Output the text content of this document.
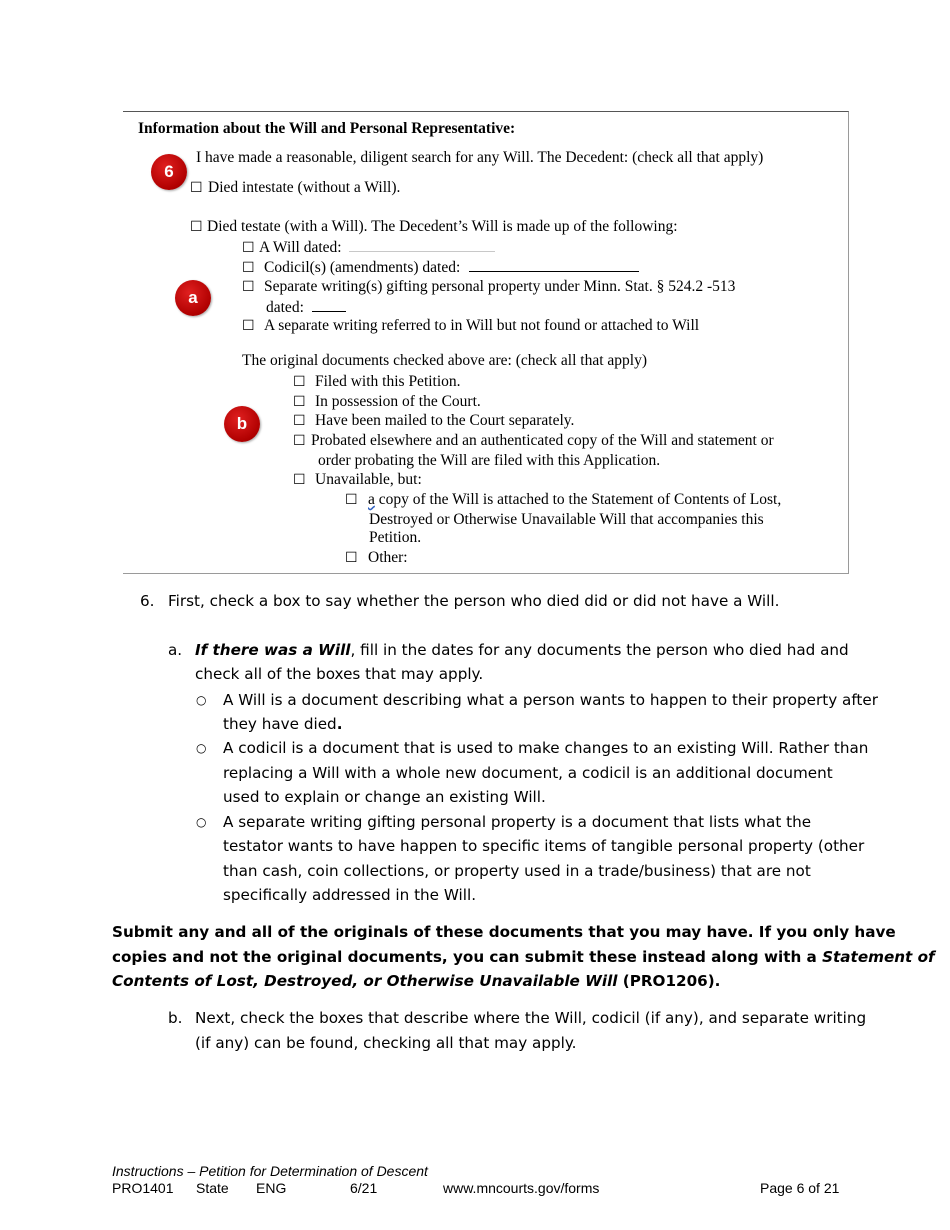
Information about the Will and Personal Representative:
6
I have made a reasonable, diligent search for any Will. The Decedent: (check all that apply)
☐ Died intestate (without a Will).
☐ Died testate (with a Will). The Decedent’s Will is made up of the following:
☐ A Will dated:
☐ Codicil(s) (amendments) dated:
a
☐ Separate writing(s) gifting personal property under Minn. Stat. § 524.2 -513
dated:
☐ A separate writing referred to in Will but not found or attached to Will
The original documents checked above are: (check all that apply)
☐ Filed with this Petition.
☐ In possession of the Court.
b	☐ Have been mailed to the Court separately.
☐ Probated elsewhere and an authenticated copy of the Will and statement or
order probating the Will are filed with this Application.
☐ Unavailable, but:
☐ a copy of the Will is attached to the Statement of Contents of Lost,
Destroyed or Otherwise Unavailable Will that accompanies this
Petition.
☐ Other:
6. First, check a box to say whether the person who died did or did not have a Will.
a. If there was a Will, fill in the dates for any documents the person who died had and
check all of the boxes that may apply.
○ A Will is a document describing what a person wants to happen to their property after
they have died.
○ A codicil is a document that is used to make changes to an existing Will. Rather than
replacing a Will with a whole new document, a codicil is an additional document
used to explain or change an existing Will.
○ A separate writing gifting personal property is a document that lists what the
testator wants to have happen to specific items of tangible personal property (other
than cash, coin collections, or property used in a trade/business) that are not
specifically addressed in the Will.
Submit any and all of the originals of these documents that you may have. If you only have
copies and not the original documents, you can submit these instead along with a Statement of
Contents of Lost, Destroyed, or Otherwise Unavailable Will (PRO1206).
b. Next, check the boxes that describe where the Will, codicil (if any), and separate writing
(if any) can be found, checking all that may apply.
Instructions – Petition for Determination of Descent
PRO1401 State ENG	6/21	www.mncourts.gov/forms	Page 6 of 21
